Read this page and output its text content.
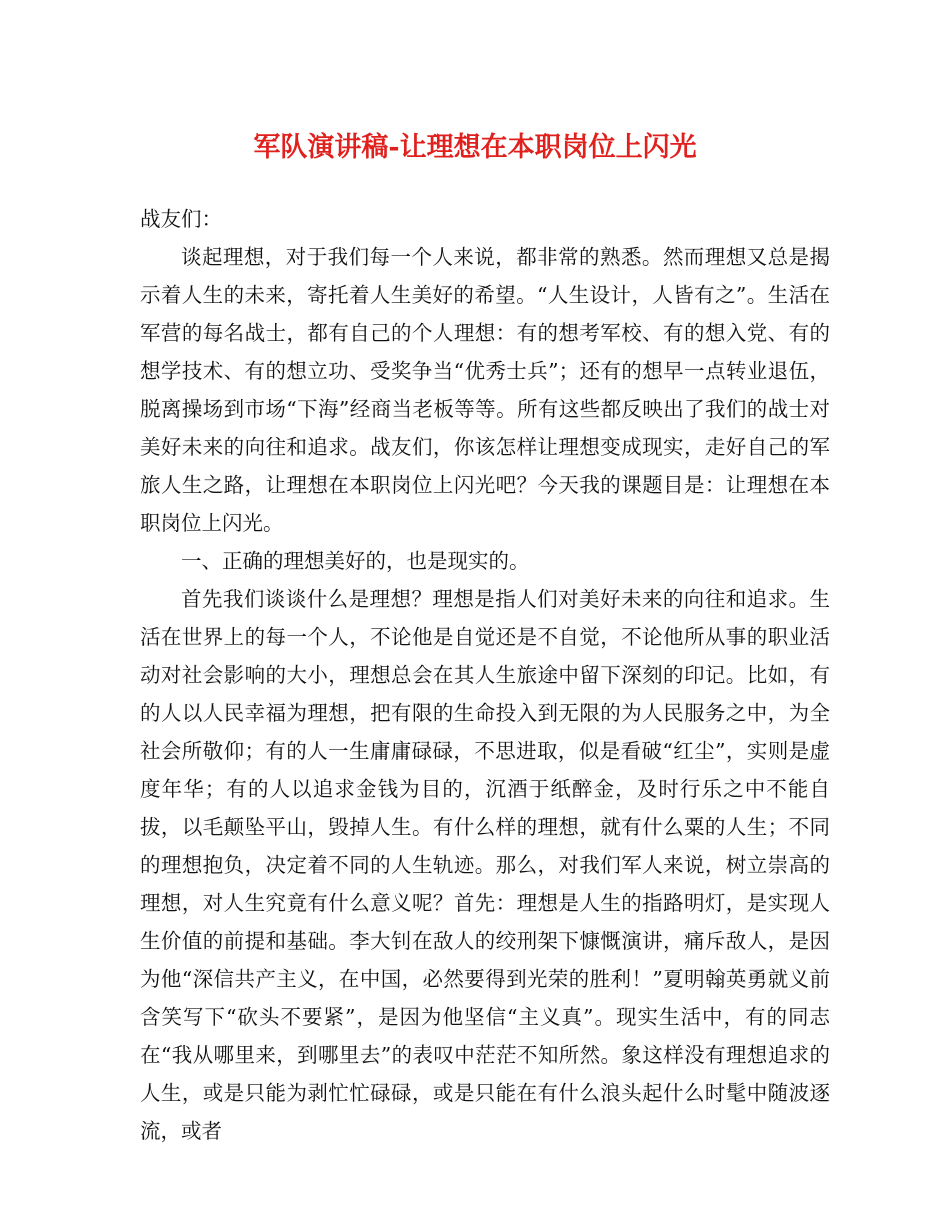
军队演讲稿-让理想在本职岗位上闪光

战友们：

谈起理想，对于我们每一个人来说，都非常的熟悉。然而理想又总是揭示着人生的未来，寄托着人生美好的希望。“人生设计，人皆有之”。生活在军营的每名战士，都有自己的个人理想：有的想考军校、有的想入党、有的想学技术、有的想立功、受奖争当“优秀士兵”；还有的想早一点转业退伍，脱离操场到市场“下海”经商当老板等等。所有这些都反映出了我们的战士对美好未来的向往和追求。战友们，你该怎样让理想变成现实，走好自己的军旅人生之路，让理想在本职岗位上闪光吧？今天我的课题目是：让理想在本职岗位上闪光。

一、正确的理想美好的，也是现实的。

首先我们谈谈什么是理想？理想是指人们对美好未来的向往和追求。生活在世界上的每一个人，不论他是自觉还是不自觉，不论他所从事的职业活动对社会影响的大小，理想总会在其人生旅途中留下深刻的印记。比如，有的人以人民幸福为理想，把有限的生命投入到无限的为人民服务之中，为全社会所敬仰；有的人一生庸庸碌碌，不思进取，似是看破“红尘”，实则是虚度年华；有的人以追求金钱为目的，沉酒于纸醉金，及时行乐之中不能自拔，以毛颠坠平山，毁掉人生。有什么样的理想，就有什么粟的人生；不同的理想抱负，决定着不同的人生轨迹。那么，对我们军人来说，树立崇高的理想，对人生究竟有什么意义呢？首先：理想是人生的指路明灯，是实现人生价值的前提和基础。李大钊在敌人的绞刑架下慷慨演讲，痛斥敌人，是因为他“深信共产主义，在中国，必然要得到光荣的胜利！”夏明翰英勇就义前含笑写下“砍头不要紧”，是因为他坚信“主义真”。现实生活中，有的同志在“我从哪里来，到哪里去”的表叹中茫茫不知所然。象这样没有理想追求的人生，或是只能为剥忙忙碌碌，或是只能在有什么浪头起什么时髦中随波逐流，或者
